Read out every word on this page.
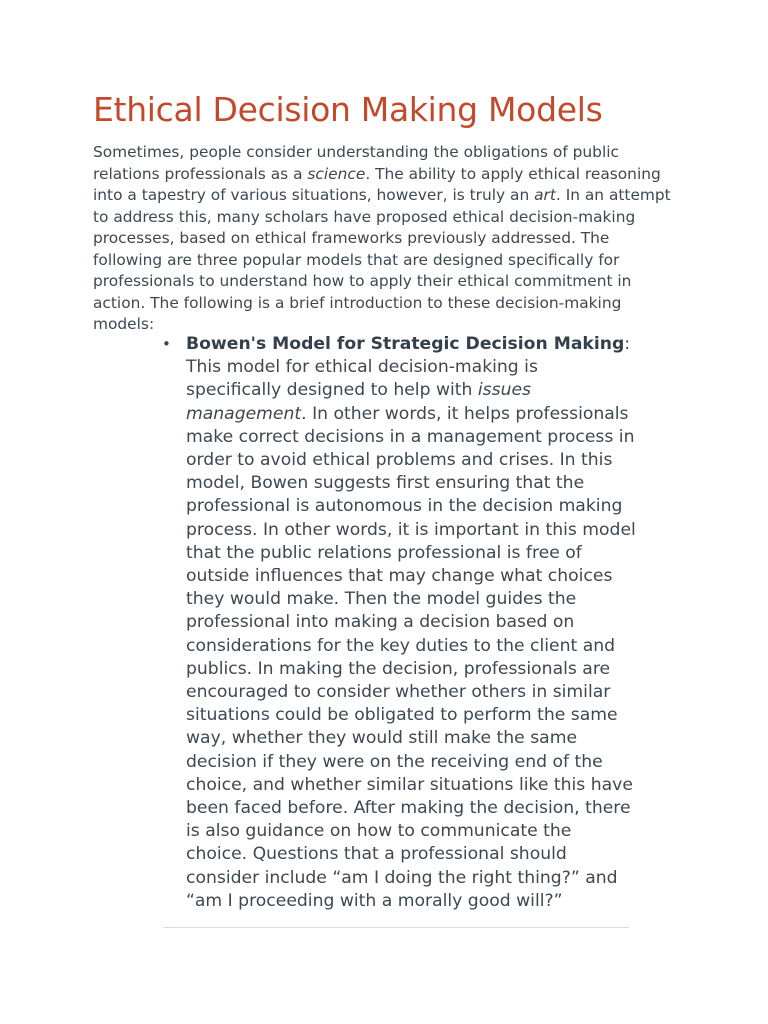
Ethical Decision Making Models

Sometimes, people consider understanding the obligations of public relations professionals as a science. The ability to apply ethical reasoning into a tapestry of various situations, however, is truly an art. In an attempt to address this, many scholars have proposed ethical decision-making processes, based on ethical frameworks previously addressed. The following are three popular models that are designed specifically for professionals to understand how to apply their ethical commitment in action. The following is a brief introduction to these decision-making models:

• Bowen's Model for Strategic Decision Making: This model for ethical decision-making is specifically designed to help with issues management. In other words, it helps professionals make correct decisions in a management process in order to avoid ethical problems and crises. In this model, Bowen suggests first ensuring that the professional is autonomous in the decision making process. In other words, it is important in this model that the public relations professional is free of outside influences that may change what choices they would make. Then the model guides the professional into making a decision based on considerations for the key duties to the client and publics. In making the decision, professionals are encouraged to consider whether others in similar situations could be obligated to perform the same way, whether they would still make the same decision if they were on the receiving end of the choice, and whether similar situations like this have been faced before. After making the decision, there is also guidance on how to communicate the choice. Questions that a professional should consider include “am I doing the right thing?” and “am I proceeding with a morally good will?”
